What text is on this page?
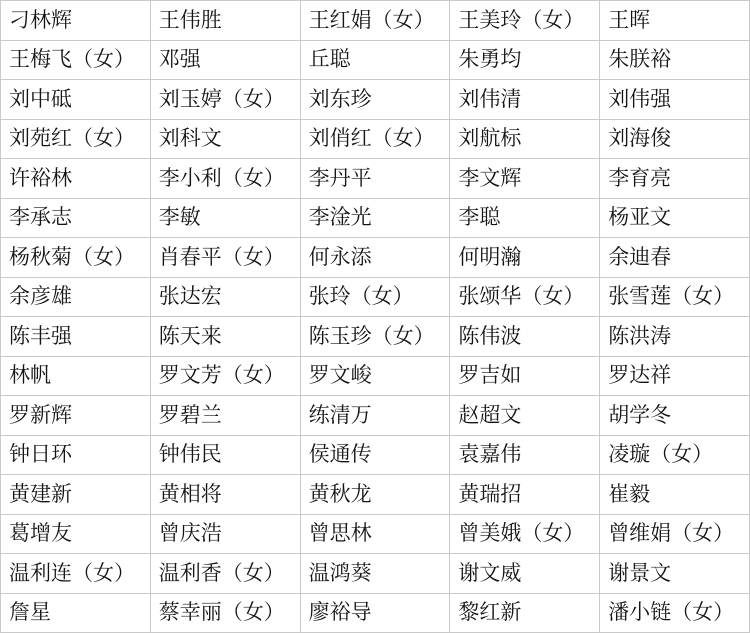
刁林辉	王伟胜	王红娟（女）	王美玲（女）	王晖
王梅飞（女）	邓强	丘聪	朱勇均	朱朕裕
刘中砥	刘玉婷（女）	刘东珍	刘伟清	刘伟强
刘苑红（女）	刘科文	刘俏红（女）	刘航标	刘海俊
许裕林	李小利（女）	李丹平	李文辉	李育亮
李承志	李敏	李淦光	李聪	杨亚文
杨秋菊（女）	肖春平（女）	何永添	何明瀚	余迪春
余彦雄	张达宏	张玲（女）	张颂华（女）	张雪莲（女）
陈丰强	陈天来	陈玉珍（女）	陈伟波	陈洪涛
林帆	罗文芳（女）	罗文峻	罗吉如	罗达祥
罗新辉	罗碧兰	练清万	赵超文	胡学冬
钟日环	钟伟民	侯通传	袁嘉伟	凌璇（女）
黄建新	黄相将	黄秋龙	黄瑞招	崔毅
葛增友	曾庆浩	曾思林	曾美娥（女）	曾维娟（女）
温利连（女）	温利香（女）	温鸿葵	谢文威	谢景文
詹星	蔡幸丽（女）	廖裕导	黎红新	潘小链（女）
